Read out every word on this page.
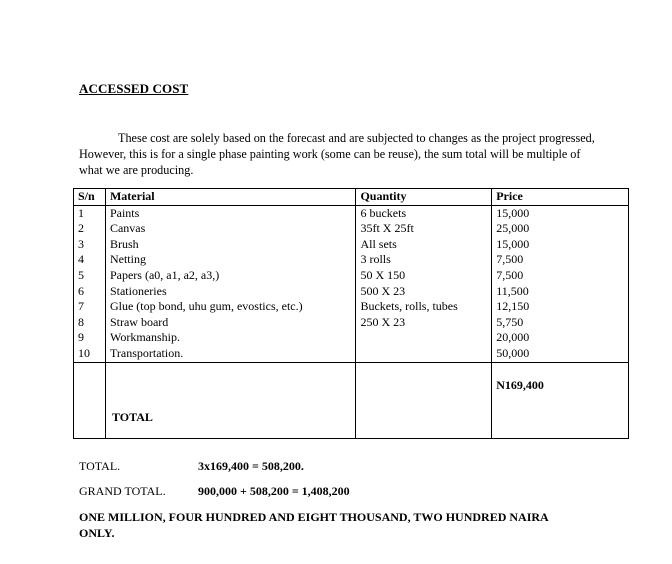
ACCESSED COST

These cost are solely based on the forecast and are subjected to changes as the project progressed, However, this is for a single phase painting work (some can be reuse), the sum total will be multiple of what we are producing.

S/n	Material	Quantity	Price
1	Paints	6 buckets	15,000
2	Canvas	35ft X 25ft	25,000
3	Brush	All sets	15,000
4	Netting	3 rolls	7,500
5	Papers (a0, a1, a2, a3,)	50 X 150	7,500
6	Stationeries	500 X 23	11,500
7	Glue (top bond, uhu gum, evostics, etc.)	Buckets, rolls, tubes	12,150
8	Straw board	250 X 23	5,750
9	Workmanship.		20,000
10	Transportation.		50,000
	TOTAL		N169,400
TOTAL.	3x169,400 = 508,200.
GRAND TOTAL.	900,000 + 508,200 = 1,408,200

ONE MILLION, FOUR HUNDRED AND EIGHT THOUSAND, TWO HUNDRED NAIRA ONLY.
